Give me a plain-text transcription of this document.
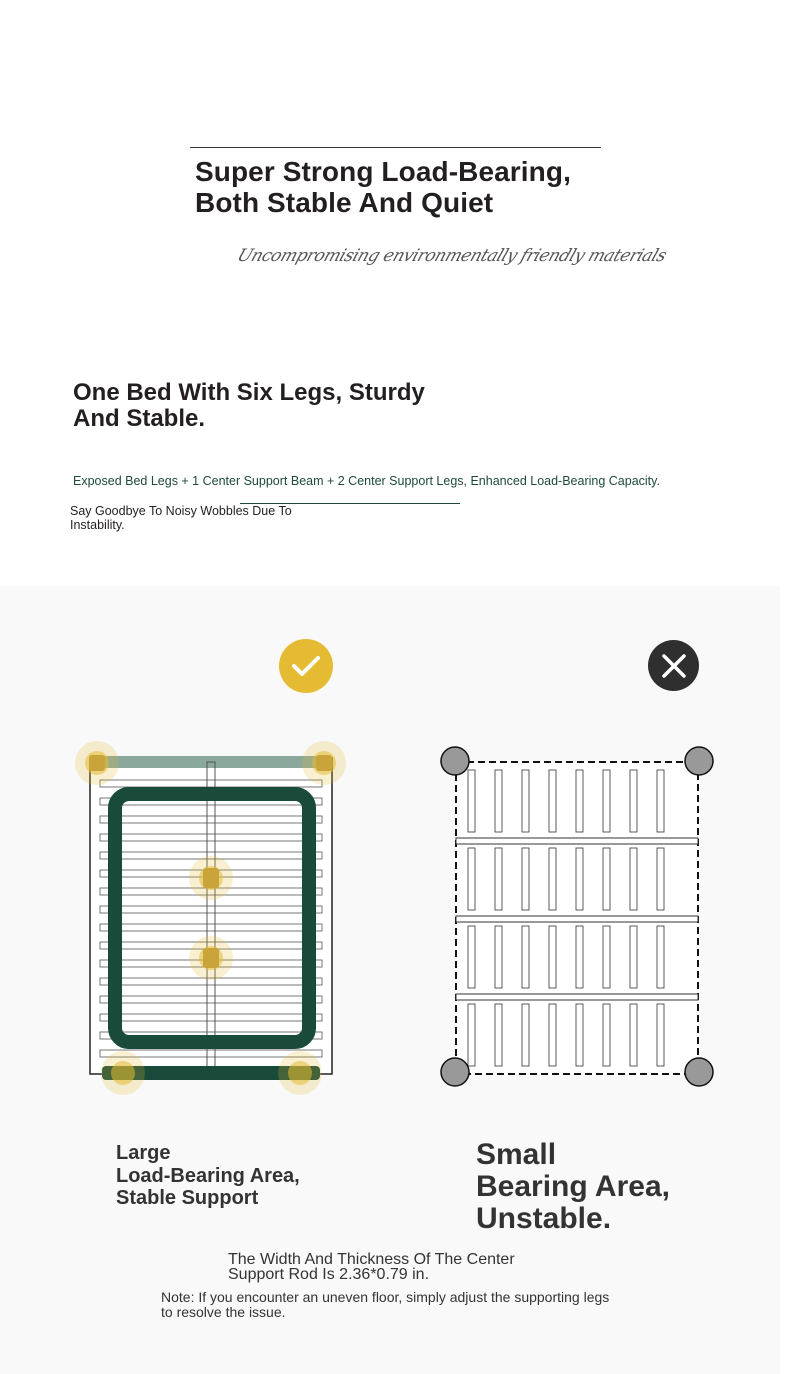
Super Strong Load-Bearing,
Both Stable And Quiet
Uncompromising environmentally friendly materials
One Bed With Six Legs, Sturdy
And Stable.
Exposed Bed Legs + 1 Center Support Beam + 2 Center Support Legs, Enhanced Load-Bearing Capacity.
Say Goodbye To Noisy Wobbles Due To
Instability.
Large
Load-Bearing Area,
Stable Support
Small
Bearing Area,
Unstable.
The Width And Thickness Of The Center
Support Rod Is 2.36*0.79 in.
Note: If you encounter an uneven floor, simply adjust the supporting legs
to resolve the issue.
